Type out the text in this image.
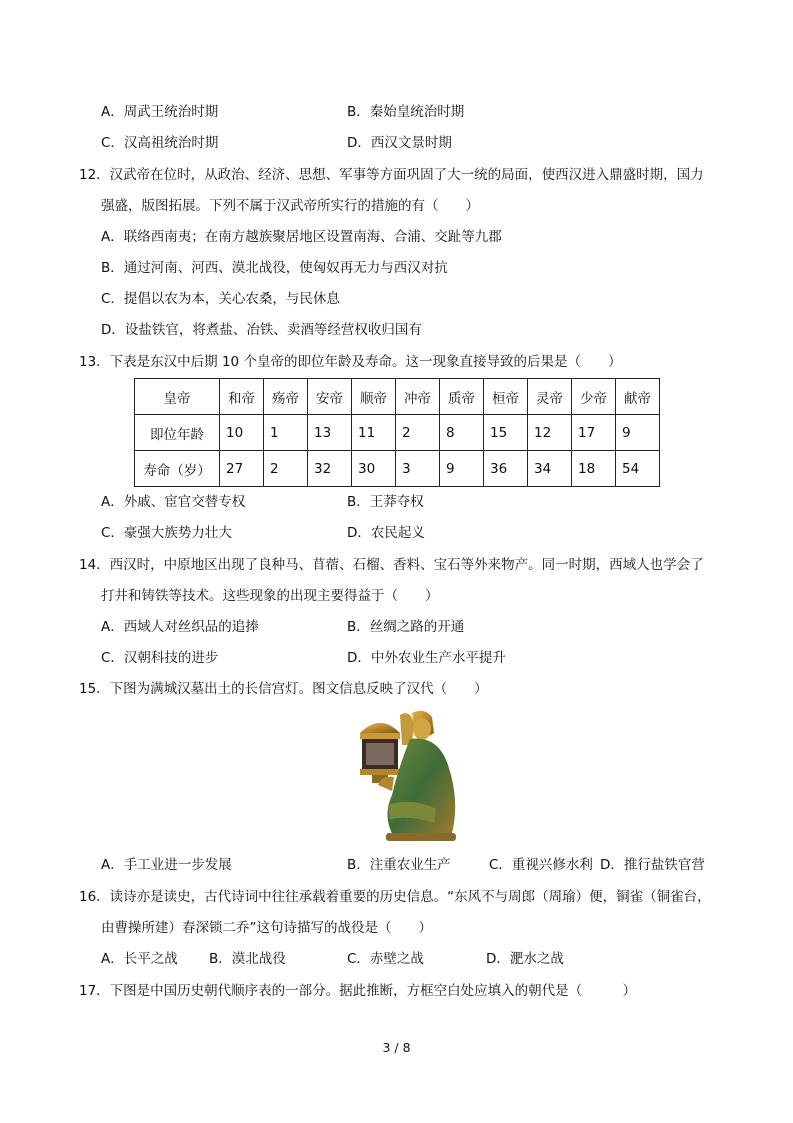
A．周武王统治时期	B．秦始皇统治时期
C．汉高祖统治时期	D．西汉文景时期
12．汉武帝在位时，从政治、经济、思想、军事等方面巩固了大一统的局面，使西汉进入鼎盛时期，国力
强盛，版图拓展。下列不属于汉武帝所实行的措施的有（　　）
A．联络西南夷；在南方越族聚居地区设置南海、合浦、交趾等九郡
B．通过河南、河西、漠北战役，使匈奴再无力与西汉对抗
C．提倡以农为本，关心农桑，与民休息
D．设盐铁官，将煮盐、冶铁、卖酒等经营权收归国有
13．下表是东汉中后期 10 个皇帝的即位年龄及寿命。这一现象直接导致的后果是（　　）
皇帝	和帝	殇帝	安帝	顺帝	冲帝	质帝	桓帝	灵帝	少帝	献帝
即位年龄	10	1	13	11	2	8	15	12	17	9
寿命（岁）	27	2	32	30	3	9	36	34	18	54
A．外戚、宦官交替专权	B．王莽夺权
C．豪强大族势力壮大	D．农民起义
14．西汉时，中原地区出现了良种马、苜蓿、石榴、香料、宝石等外来物产。同一时期，西域人也学会了
打井和铸铁等技术。这些现象的出现主要得益于（　　）
A．西域人对丝织品的追捧	B．丝绸之路的开通
C．汉朝科技的进步	D．中外农业生产水平提升
15．下图为满城汉墓出土的长信宫灯。图文信息反映了汉代（　　）
A．手工业进一步发展	B．注重农业生产	C．重视兴修水利 D．推行盐铁官营
16．读诗亦是读史，古代诗词中往往承载着重要的历史信息。“东风不与周郎（周瑜）便，铜雀（铜雀台，
由曹操所建）春深锁二乔”这句诗描写的战役是（　　）
A．长平之战 B．漠北战役	C．赤壁之战	D．淝水之战
17．下图是中国历史朝代顺序表的一部分。据此推断，方框空白处应填入的朝代是（　　　）
3 / 8
